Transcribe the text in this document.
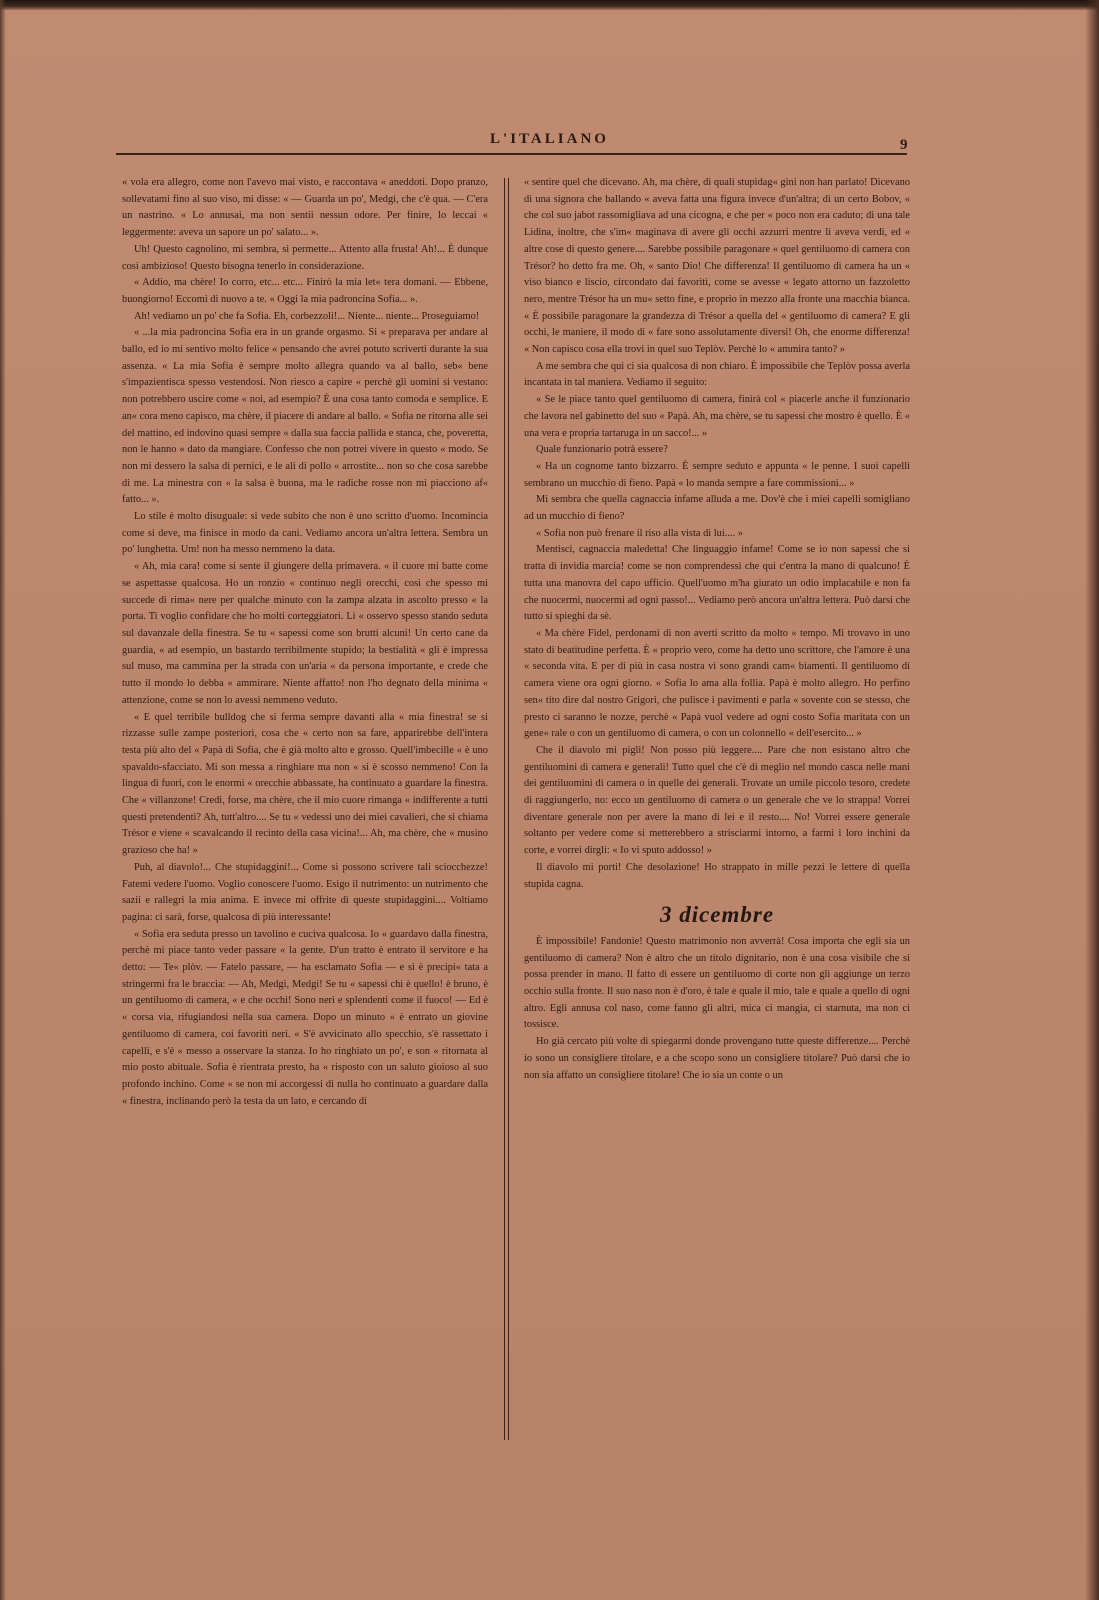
L'ITALIANO	9

« vola era allegro, come non l'avevo mai visto, e raccontava « aneddoti. Dopo pranzo, sollevatami fino al suo viso, mi disse: « — Guarda un po', Medgi, che c'è qua. — C'era un nastrino. « Lo annusai, ma non sentii nessun odore. Per finire, lo leccai « leggermente: aveva un sapore un po' salato... ».

Uh! Questo cagnolino, mi sembra, si permette... Attento alla frusta! Ah!... È dunque così ambizioso! Questo bisogna tenerlo in considerazione.

« Addio, ma chère! Io corro, etc... etc... Finirò la mia let« tera domani. — Ebbene, buongiorno! Eccomi di nuovo a te. « Oggi la mia padroncina Sofia... ».

Ah! vediamo un po' che fa Sofia. Eh, corbezzoli!... Niente... niente... Proseguiamo!

« ...la mia padroncina Sofia era in un grande orgasmo. Si « preparava per andare al ballo, ed io mi sentivo molto felice « pensando che avrei potuto scriverti durante la sua assenza. « La mia Sofia è sempre molto allegra quando va al ballo, seb« bene s'impazientisca spesso vestendosi. Non riesco a capire « perchè gli uomini si vestano: non potrebbero uscire come « noi, ad esempio? È una cosa tanto comoda e semplice. E an« cora meno capisco, ma chère, il piacere di andare al ballo. « Sofia ne ritorna alle sei del mattino, ed indovino quasi sempre « dalla sua faccia pallida e stanca, che, poveretta, non le hanno « dato da mangiare. Confesso che non potrei vivere in questo « modo. Se non mi dessero la salsa di pernici, e le ali di pollo « arrostite... non so che cosa sarebbe di me. La minestra con « la salsa è buona, ma le radiche rosse non mi piacciono af« fatto... ».

Lo stile è molto disuguale: si vede subito che non è uno scritto d'uomo. Incomincia come si deve, ma finisce in modo da cani. Vediamo ancora un'altra lettera. Sembra un po' lunghetta. Um! non ha messo nemmeno la data.

« Ah, mia cara! come si sente il giungere della primavera. « il cuore mi batte come se aspettasse qualcosa. Ho un ronzio « continuo negli orecchi, così che spesso mi succede di rima« nere per qualche minuto con la zampa alzata in ascolto presso « la porta. Ti voglio confidare che ho molti corteggiatori. Li « osservo spesso stando seduta sul davanzale della finestra. Se tu « sapessi come son brutti alcuni! Un certo cane da guardia, « ad esempio, un bastardo terribilmente stupido; la bestialità « gli è impressa sul muso, ma cammina per la strada con un'aria « da persona importante, e crede che tutto il mondo lo debba « ammirare. Niente affatto! non l'ho degnato della minima « attenzione, come se non lo avessi nemmeno veduto.

« E quel terribile bulldog che si ferma sempre davanti alla « mia finestra! se si rizzasse sulle zampe posteriori, cosa che « certo non sa fare, apparirebbe dell'intera testa più alto del « Papà di Sofia, che è già molto alto e grosso. Quell'imbecille « è uno spavaldo-sfacciato. Mi son messa a ringhiare ma non « si è scosso nemmeno! Con la lingua di fuori, con le enormi « orecchie abbassate, ha continuato a guardare la finestra. Che « villanzone! Credi, forse, ma chère, che il mio cuore rimanga « indifferente a tutti questi pretendenti? Ah, tutt'altro.... Se tu « vedessi uno dei miei cavalieri, che si chiama Trésor e viene « scavalcando il recinto della casa vicina!... Ah, ma chère, che « musino grazioso che ha! »

Puh, al diavolo!... Che stupidaggini!... Come si possono scrivere tali sciocchezze! Fatemi vedere l'uomo. Voglio conoscere l'uomo. Esigo il nutrimento: un nutrimento che sazii e rallegri la mia anima. E invece mi offrite di queste stupidaggini.... Voltiamo pagina: ci sarà, forse, qualcosa di più interessante!

« Sofia era seduta presso un tavolino e cuciva qualcosa. Io « guardavo dalla finestra, perchè mi piace tanto veder passare « la gente. D'un tratto è entrato il servitore e ha detto: — Te« plòv. — Fatelo passare, — ha esclamato Sofia — e si è precipi« tata a stringermi fra le braccia: — Ah, Medgi, Medgi! Se tu « sapessi chi è quello! è bruno, è un gentiluomo di camera, « e che occhi! Sono neri e splendenti come il fuoco! — Ed è « corsa via, rifugiandosi nella sua camera. Dopo un minuto « è entrato un giovine gentiluomo di camera, coi favoriti neri. « S'è avvicinato allo specchio, s'è rassettato i capelli, e s'è « messo a osservare la stanza. Io ho ringhiato un po', e son « ritornata al mio posto abituale. Sofia è rientrata presto, ha « risposto con un saluto gioioso al suo profondo inchino. Come « se non mi accorgessi di nulla ho continuato a guardare dalla « finestra, inclinando però la testa da un lato, e cercando di

« sentire quel che dicevano. Ah, ma chère, di quali stupidag« gini non han parlato! Dicevano di una signora che ballando « aveva fatta una figura invece d'un'altra; di un certo Bobov, « che col suo jabot rassomigliava ad una cicogna, e che per « poco non era caduto; di una tale Lidina, inoltre, che s'im« maginava di avere gli occhi azzurri mentre li aveva verdi, ed « altre cose di questo genere.... Sarebbe possibile paragonare « quel gentiluomo di camera con Trésor? ho detto fra me. Oh, « santo Dio! Che differenza! Il gentiluomo di camera ha un « viso bianco e liscio, circondato dai favoriti, come se avesse « legato attorno un fazzoletto nero, mentre Trésor ha un mu« setto fine, e proprio in mezzo alla fronte una macchia bianca. « È possibile paragonare la grandezza di Trésor a quella del « gentiluomo di camera? E gli occhi, le maniere, il modo di « fare sono assolutamente diversi! Oh, che enorme differenza! « Non capisco cosa ella trovi in quel suo Teplòv. Perchè lo « ammira tanto? »

A me sembra che qui ci sia qualcosa di non chiaro. È impossibile che Teplòv possa averla incantata in tal maniera. Vediamo il seguito:

« Se le piace tanto quel gentiluomo di camera, finirà col « piacerle anche il funzionario che lavora nel gabinetto del suo « Papà. Ah, ma chère, se tu sapessi che mostro è quello. È « una vera e propria tartaruga in un sacco!... »

Quale funzionario potrà essere?

« Ha un cognome tanto bizzarro. È sempre seduto e appunta « le penne. I suoi capelli sembrano un mucchio di fieno. Papà « lo manda sempre a fare commissioni... »

Mi sembra che quella cagnaccia infame alluda a me. Dov'è che i miei capelli somigliano ad un mucchio di fieno?

« Sofia non può frenare il riso alla vista di lui.... »

Mentisci, cagnaccia maledetta! Che linguaggio infame! Come se io non sapessi che si tratta di invidia marcia! come se non comprendessi che qui c'entra la mano di qualcuno! È tutta una manovra del capo ufficio. Quell'uomo m'ha giurato un odio implacabile e non fa che nuocermi, nuocermi ad ogni passo!... Vediamo però ancora un'altra lettera. Può darsi che tutto si spieghi da sè.

« Ma chère Fidel, perdonami di non averti scritto da molto « tempo. Mi trovavo in uno stato di beatitudine perfetta. È « proprio vero, come ha detto uno scrittore, che l'amore è una « seconda vita. E per di più in casa nostra vi sono grandi cam« biamenti. Il gentiluomo di camera viene ora ogni giorno. « Sofia lo ama alla follia. Papà è molto allegro. Ho perfino sen« tito dire dal nostro Grigori, che pulisce i pavimenti e parla « sovente con se stesso, che presto ci saranno le nozze, perchè « Papà vuol vedere ad ogni costo Sofia maritata con un gene« rale o con un gentiluomo di camera, o con un colonnello « dell'esercito... »

Che il diavolo mi pigli! Non posso più leggere.... Pare che non esistano altro che gentiluomini di camera e generali! Tutto quel che c'è di meglio nel mondo casca nelle mani dei gentiluomini di camera o in quelle dei generali. Trovate un umile piccolo tesoro, credete di raggiungerlo, no: ecco un gentiluomo di camera o un generale che ve lo strappa! Vorrei diventare generale non per avere la mano di lei e il resto.... No! Vorrei essere generale soltanto per vedere come si metterebbero a strisciarmi intorno, a farmi i loro inchini da corte, e vorrei dirgli: « Io vi sputo addosso! »

Il diavolo mi porti! Che desolazione! Ho strappato in mille pezzi le lettere di quella stupida cagna.

3 dicembre

È impossibile! Fandonie! Questo matrimonio non avverrà! Cosa importa che egli sia un gentiluomo di camera? Non è altro che un titolo dignitario, non è una cosa visibile che si possa prender in mano. Il fatto di essere un gentiluomo di corte non gli aggiunge un terzo occhio sulla fronte. Il suo naso non è d'oro, è tale e quale il mio, tale e quale a quello di ogni altro. Egli annusa col naso, come fanno gli altri, mica ci mangia, ci starnuta, ma non ci tossisce.

Ho già cercato più volte di spiegarmi donde provengano tutte queste differenze.... Perchè io sono un consigliere titolare, e a che scopo sono un consigliere titolare? Può darsi che io non sia affatto un consigliere titolare! Che io sia un conte o un
